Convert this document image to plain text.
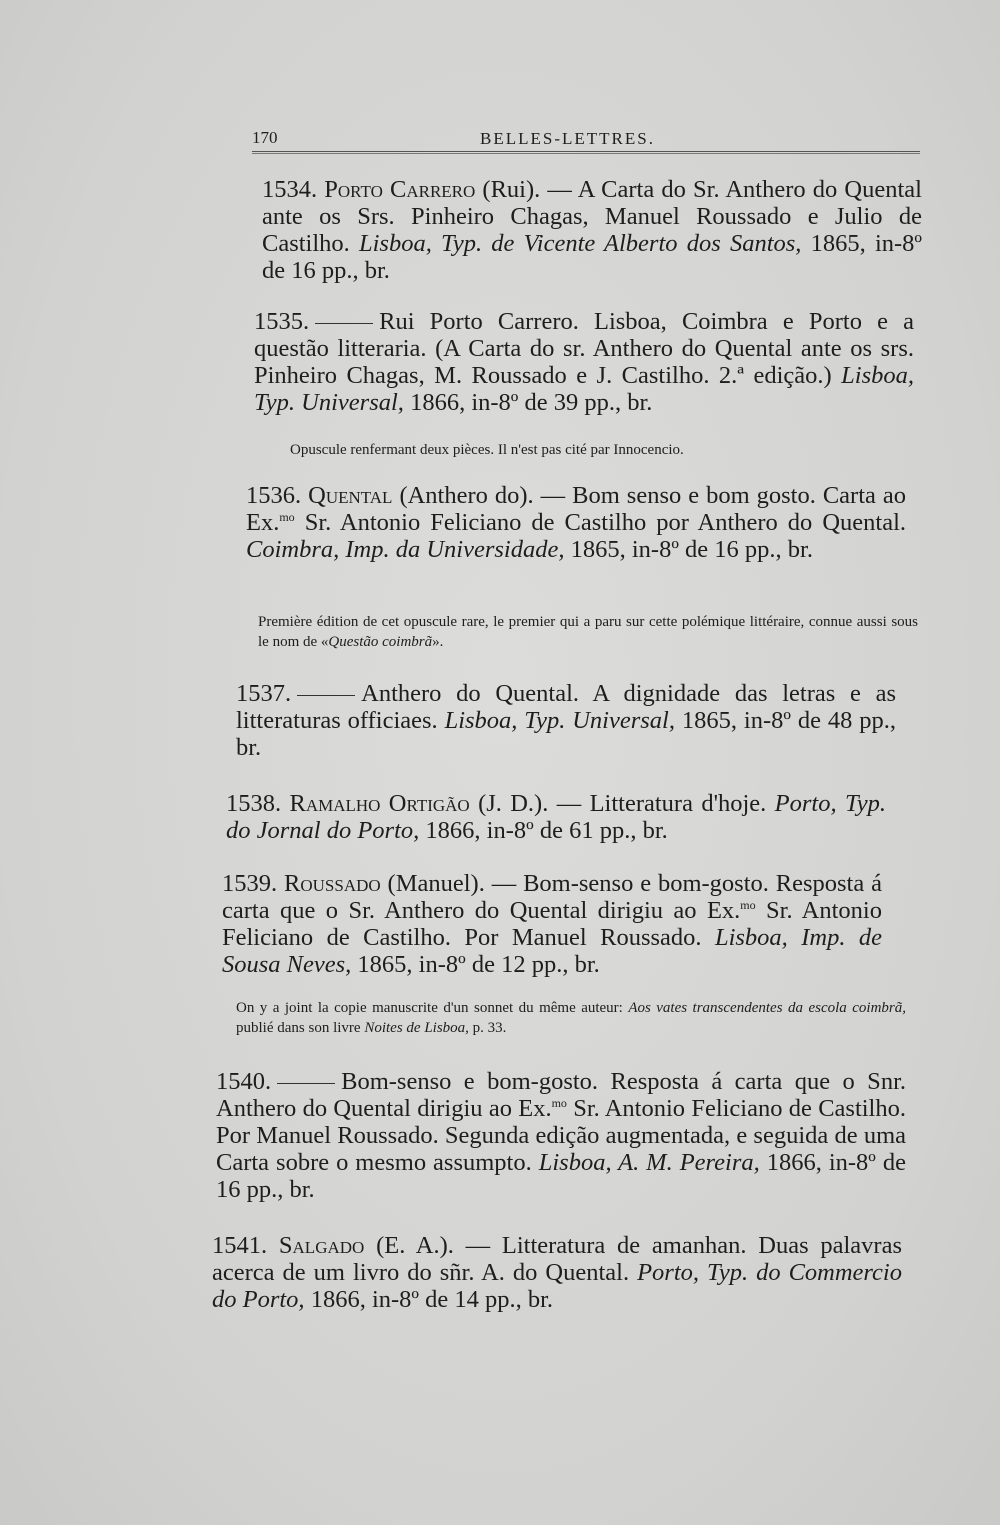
170	BELLES-LETTRES.
1534. Porto Carrero (Rui). — A Carta do Sr. Anthero do Quental ante os Srs. Pinheiro Chagas, Manuel Roussado e Julio de Castilho. Lisboa, Typ. de Vicente Alberto dos Santos, 1865, in-8º de 16 pp., br.
1535.	Rui Porto Carrero. Lisboa, Coimbra e Porto e a questão litteraria. (A Carta do sr. Anthero do Quental ante os srs. Pinheiro Chagas, M. Roussado e J. Castilho. 2.ª edição.) Lisboa, Typ. Universal, 1866, in-8º de 39 pp., br.
Opuscule renfermant deux pièces. Il n'est pas cité par Innocencio.
1536. Quental (Anthero do). — Bom senso e bom gosto. Carta ao Ex.$^{mo}$ Sr. Antonio Feliciano de Castilho por Anthero do Quental. Coimbra, Imp. da Universidade, 1865, in-8º de 16 pp., br.
Première édition de cet opuscule rare, le premier qui a paru sur cette polémique littéraire, connue aussi sous le nom de «Questão coimbrã».
1537.	Anthero do Quental. A dignidade das letras e as litteraturas officiaes. Lisboa, Typ. Universal, 1865, in-8º de 48 pp., br.
1538. Ramalho Ortigão (J. D.). — Litteratura d'hoje. Porto, Typ. do Jornal do Porto, 1866, in-8º de 61 pp., br.
1539. Roussado (Manuel). — Bom-senso e bom-gosto. Resposta á carta que o Sr. Anthero do Quental dirigiu ao Ex.$^{mo}$ Sr. Antonio Feliciano de Castilho. Por Manuel Roussado. Lisboa, Imp. de Sousa Neves, 1865, in-8º de 12 pp., br.
On y a joint la copie manuscrite d'un sonnet du même auteur: Aos vates transcendentes da escola coimbrã, publié dans son livre Noites de Lisboa, p. 33.
1540.	Bom-senso e bom-gosto. Resposta á carta que o Snr. Anthero do Quental dirigiu ao Ex.$^{mo}$ Sr. Antonio Feliciano de Castilho. Por Manuel Roussado. Segunda edição augmentada, e seguida de uma Carta sobre o mesmo assumpto. Lisboa, A. M. Pereira, 1866, in-8º de 16 pp., br.
1541. Salgado (E. A.). — Litteratura de amanhan. Duas palavras acerca de um livro do sñr. A. do Quental. Porto, Typ. do Commercio do Porto, 1866, in-8º de 14 pp., br.
